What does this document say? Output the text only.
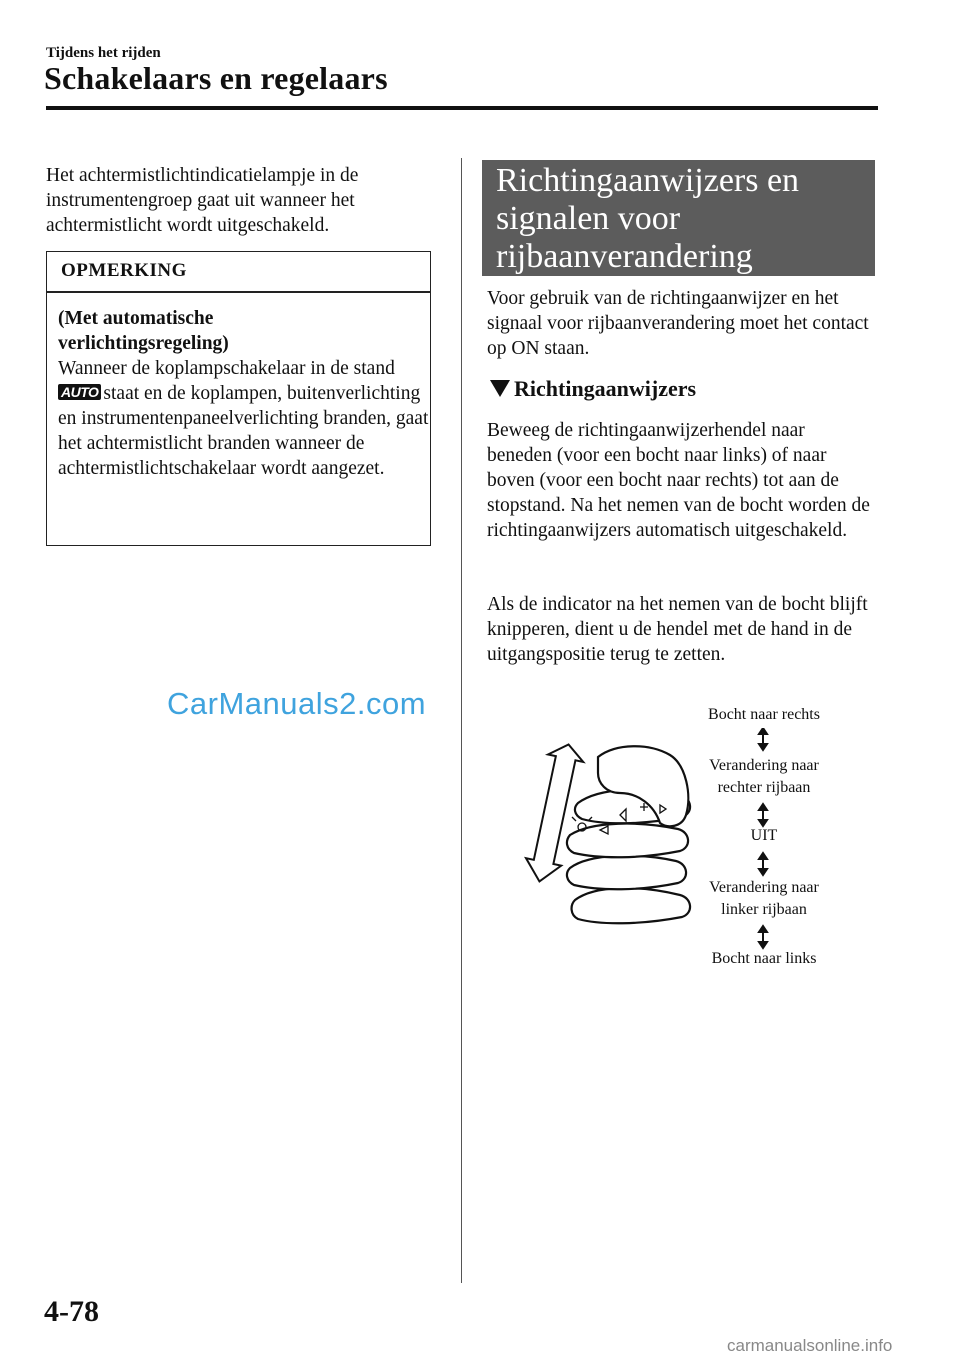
Tijdens het rijden
Schakelaars en regelaars
Het achtermistlichtindicatielampje in de instrumentengroep gaat uit wanneer het achtermistlicht wordt uitgeschakeld.
OPMERKING
(Met automatische
verlichtingsregeling)
Wanneer de koplampschakelaar in de stand AUTO staat en de koplampen, buitenverlichting en instrumentenpaneelverlichting branden, gaat het achtermistlicht branden wanneer de achtermistlichtschakelaar wordt aangezet.
CarManuals2.com
Richtingaanwijzers en signalen voor rijbaanverandering
Voor gebruik van de richtingaanwijzer en het signaal voor rijbaanverandering moet het contact op ON staan.
Richtingaanwijzers
Beweeg de richtingaanwijzerhendel naar beneden (voor een bocht naar links) of naar boven (voor een bocht naar rechts) tot aan de stopstand. Na het nemen van de bocht worden de richtingaanwijzers automatisch uitgeschakeld.
Als de indicator na het nemen van de bocht blijft knipperen, dient u de hendel met de hand in de uitgangspositie terug te zetten.
Bocht naar rechts
Verandering naar
rechter rijbaan
UIT
Verandering naar
linker rijbaan
Bocht naar links
4-78
carmanualsonline.info
